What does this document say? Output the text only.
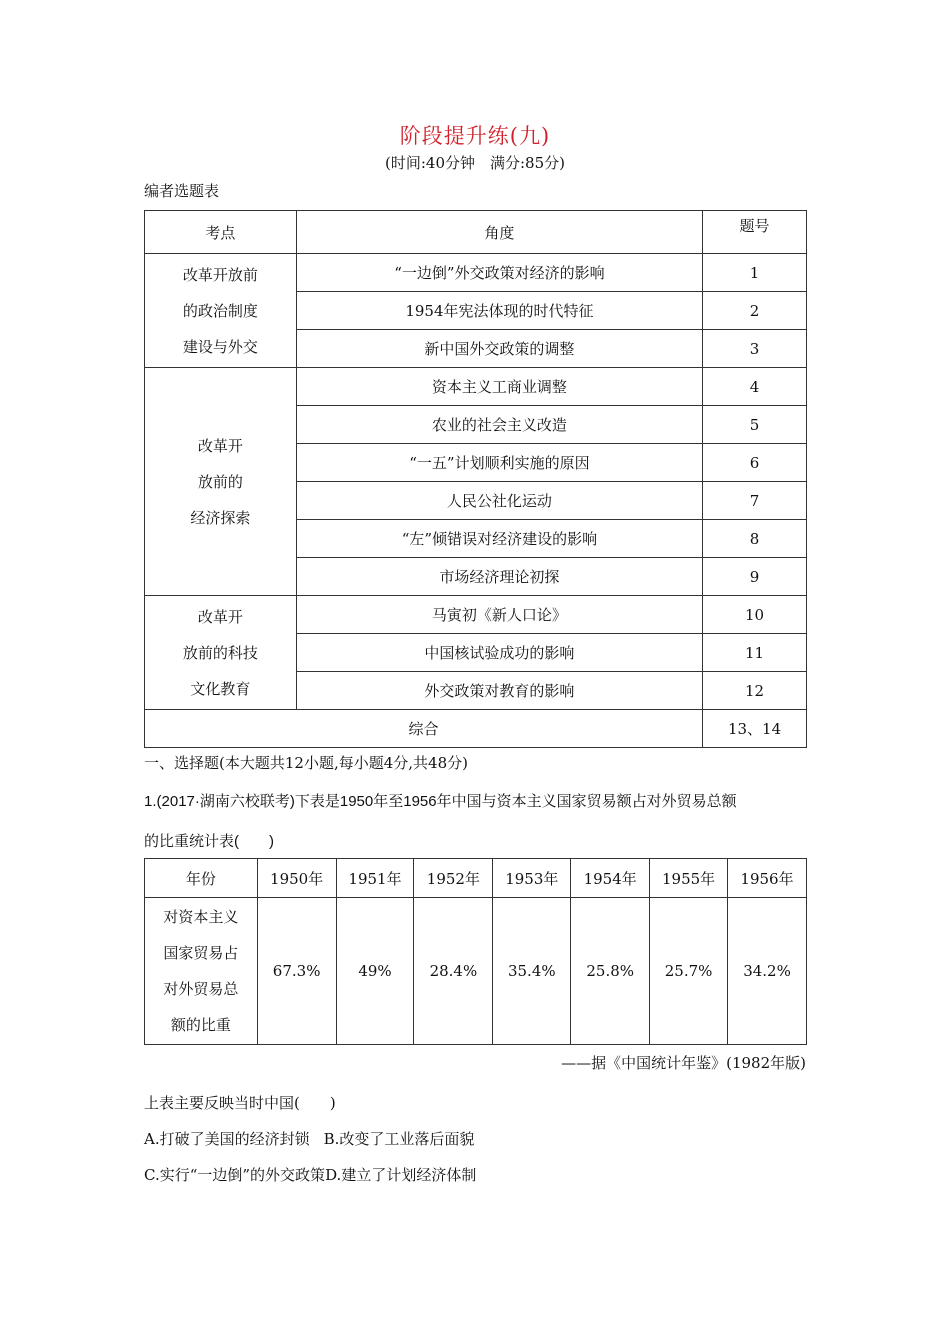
阶段提升练(九)
(时间:40分钟　满分:85分)
编者选题表
考点	角度	题号

改革开放前
的政治制度
建设与外交	“一边倒”外交政策对经济的影响	1
	1954年宪法体现的时代特征	2
	新中国外交政策的调整	3

改革开
放前的
经济探索	资本主义工商业调整	4
	农业的社会主义改造	5
	“一五”计划顺利实施的原因	6
	人民公社化运动	7
	“左”倾错误对经济建设的影响	8
	市场经济理论初探	9

改革开
放前的科技
文化教育	马寅初《新人口论》	10
	中国核试验成功的影响	11
	外交政策对教育的影响	12
综合		13、14
一、选择题(本大题共12小题,每小题4分,共48分)
1.(2017·湖南六校联考)下表是1950年至1956年中国与资本主义国家贸易额占对外贸易总额
的比重统计表(　　)
年份	1950年	1951年	1952年	1953年	1954年	1955年	1956年

对资本主义
国家贸易占
对外贸易总
额的比重	67.3%	49%	28.4%	35.4%	25.8%	25.7%	34.2%
——据《中国统计年鉴》(1982年版)
上表主要反映当时中国(　　)
A.打破了美国的经济封锁 B.改变了工业落后面貌
C.实行“一边倒”的外交政策D.建立了计划经济体制
